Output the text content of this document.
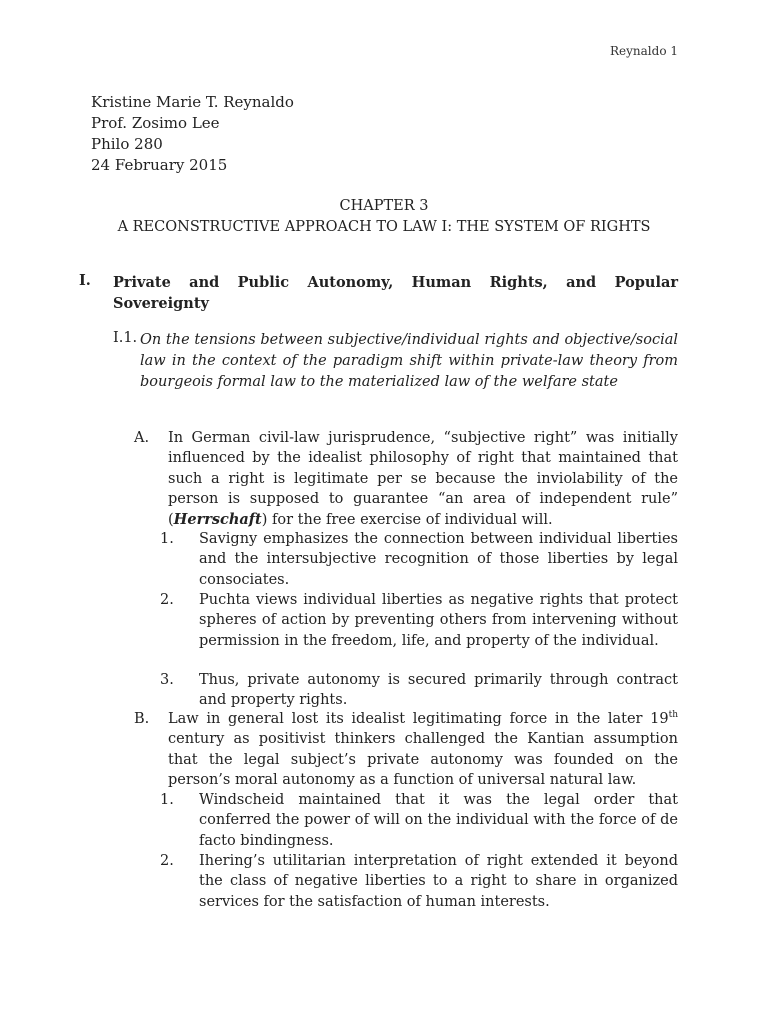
Reynaldo 1
Kristine Marie T. Reynaldo
Prof. Zosimo Lee
Philo 280
24 February 2015
CHAPTER 3
A RECONSTRUCTIVE APPROACH TO LAW I: THE SYSTEM OF RIGHTS
I. Private and Public Autonomy, Human Rights, and Popular Sovereignty
I.1. On the tensions between subjective/individual rights and objective/social law in the context of the paradigm shift within private-law theory from bourgeois formal law to the materialized law of the welfare state
A. In German civil-law jurisprudence, “subjective right” was initially influenced by the idealist philosophy of right that maintained that such a right is legitimate per se because the inviolability of the person is supposed to guarantee “an area of independent rule” (Herrschaft) for the free exercise of individual will.
1. Savigny emphasizes the connection between individual liberties and the intersubjective recognition of those liberties by legal consociates.
2. Puchta views individual liberties as negative rights that protect spheres of action by preventing others from intervening without permission in the freedom, life, and property of the individual.
3. Thus, private autonomy is secured primarily through contract and property rights.
B. Law in general lost its idealist legitimating force in the later 19th century as positivist thinkers challenged the Kantian assumption that the legal subject’s private autonomy was founded on the person’s moral autonomy as a function of universal natural law.
1. Windscheid maintained that it was the legal order that conferred the power of will on the individual with the force of de facto bindingness.
2. Ihering’s utilitarian interpretation of right extended it beyond the class of negative liberties to a right to share in organized services for the satisfaction of human interests.
